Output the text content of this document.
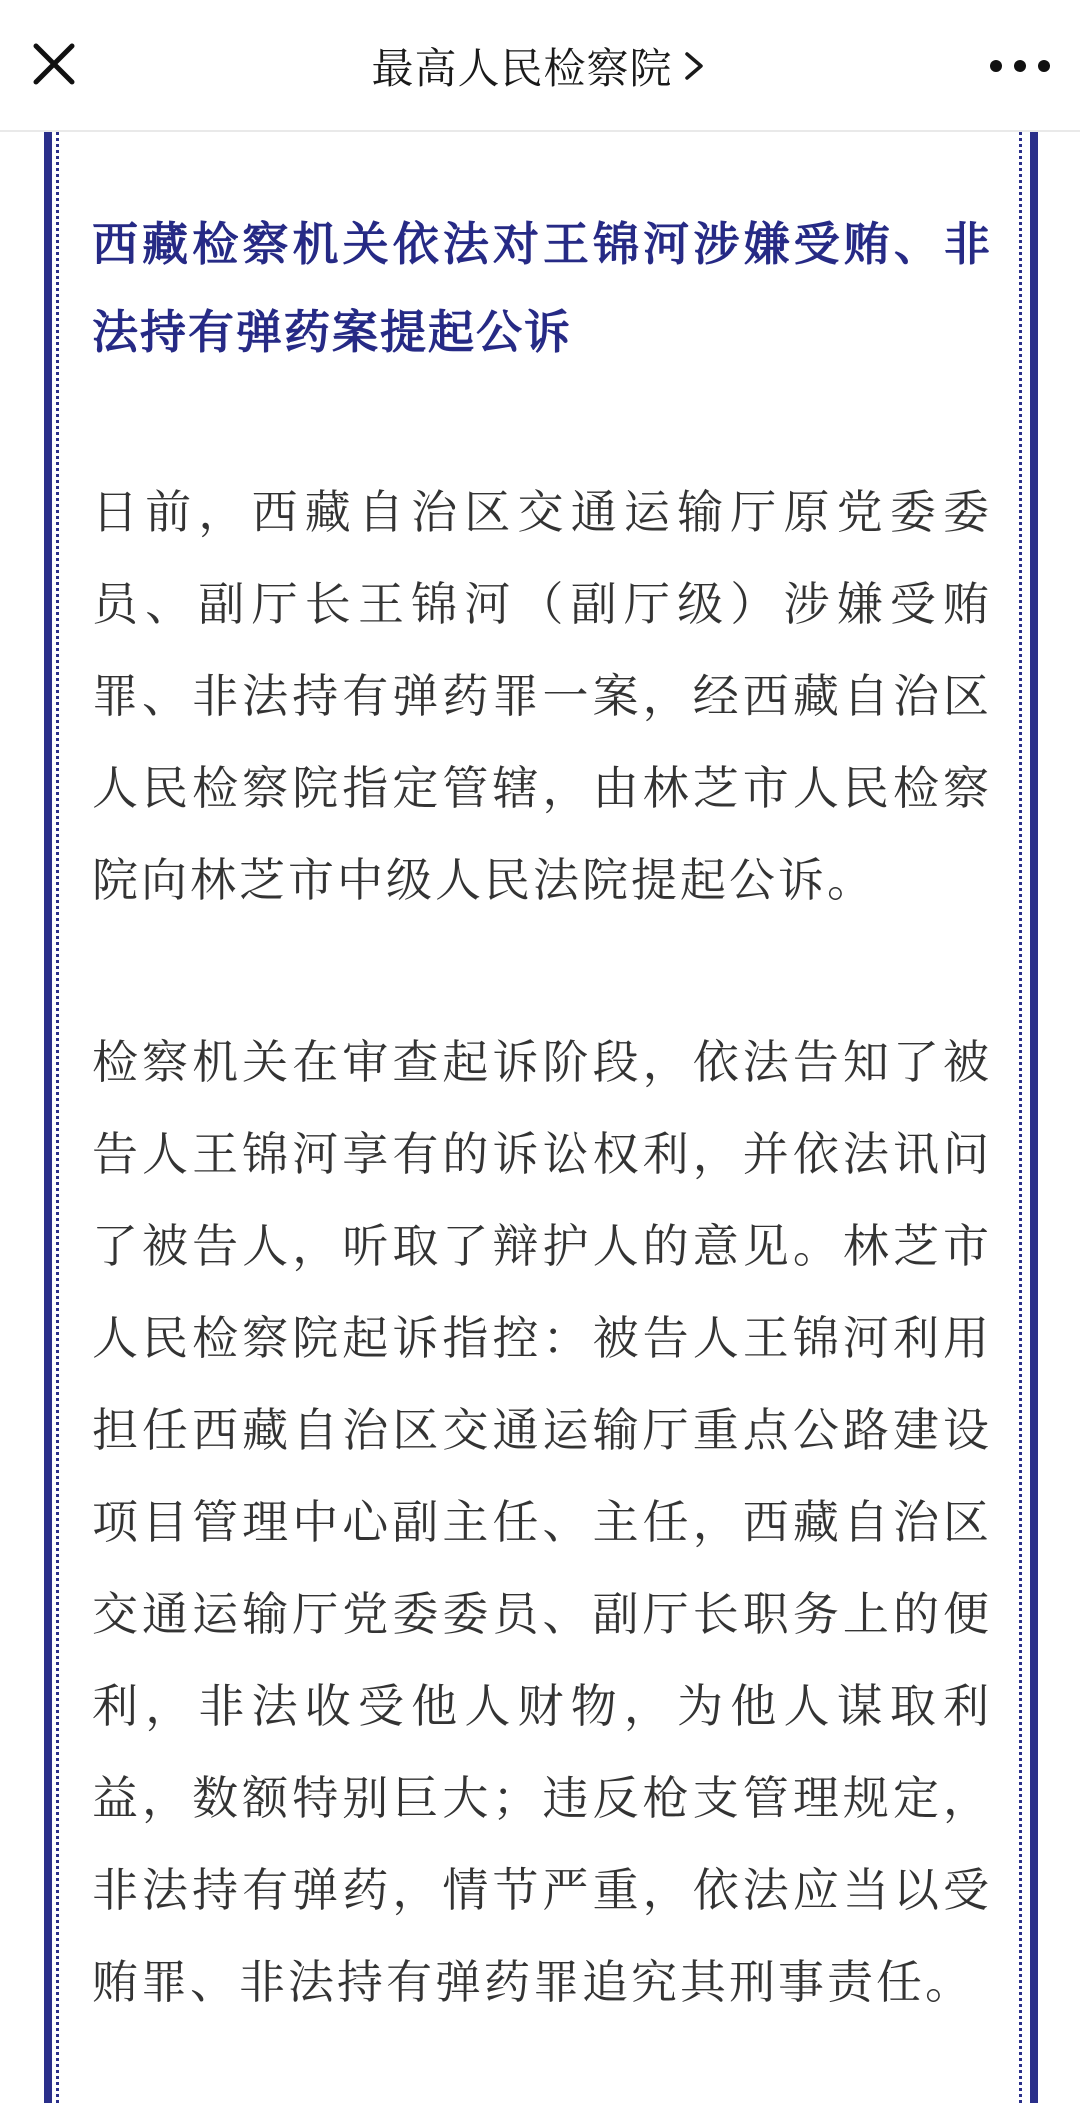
最高人民检察院
西藏检察机关依法对王锦河涉嫌受贿、非法持有弹药案提起公诉

日前，西藏自治区交通运输厅原党委委员、副厅长王锦河（副厅级）涉嫌受贿罪、非法持有弹药罪一案，经西藏自治区人民检察院指定管辖，由林芝市人民检察院向林芝市中级人民法院提起公诉。

检察机关在审查起诉阶段，依法告知了被告人王锦河享有的诉讼权利，并依法讯问了被告人，听取了辩护人的意见。林芝市人民检察院起诉指控：被告人王锦河利用担任西藏自治区交通运输厅重点公路建设项目管理中心副主任、主任，西藏自治区交通运输厅党委委员、副厅长职务上的便利，非法收受他人财物，为他人谋取利益，数额特别巨大；违反枪支管理规定，非法持有弹药，情节严重，依法应当以受贿罪、非法持有弹药罪追究其刑事责任。
